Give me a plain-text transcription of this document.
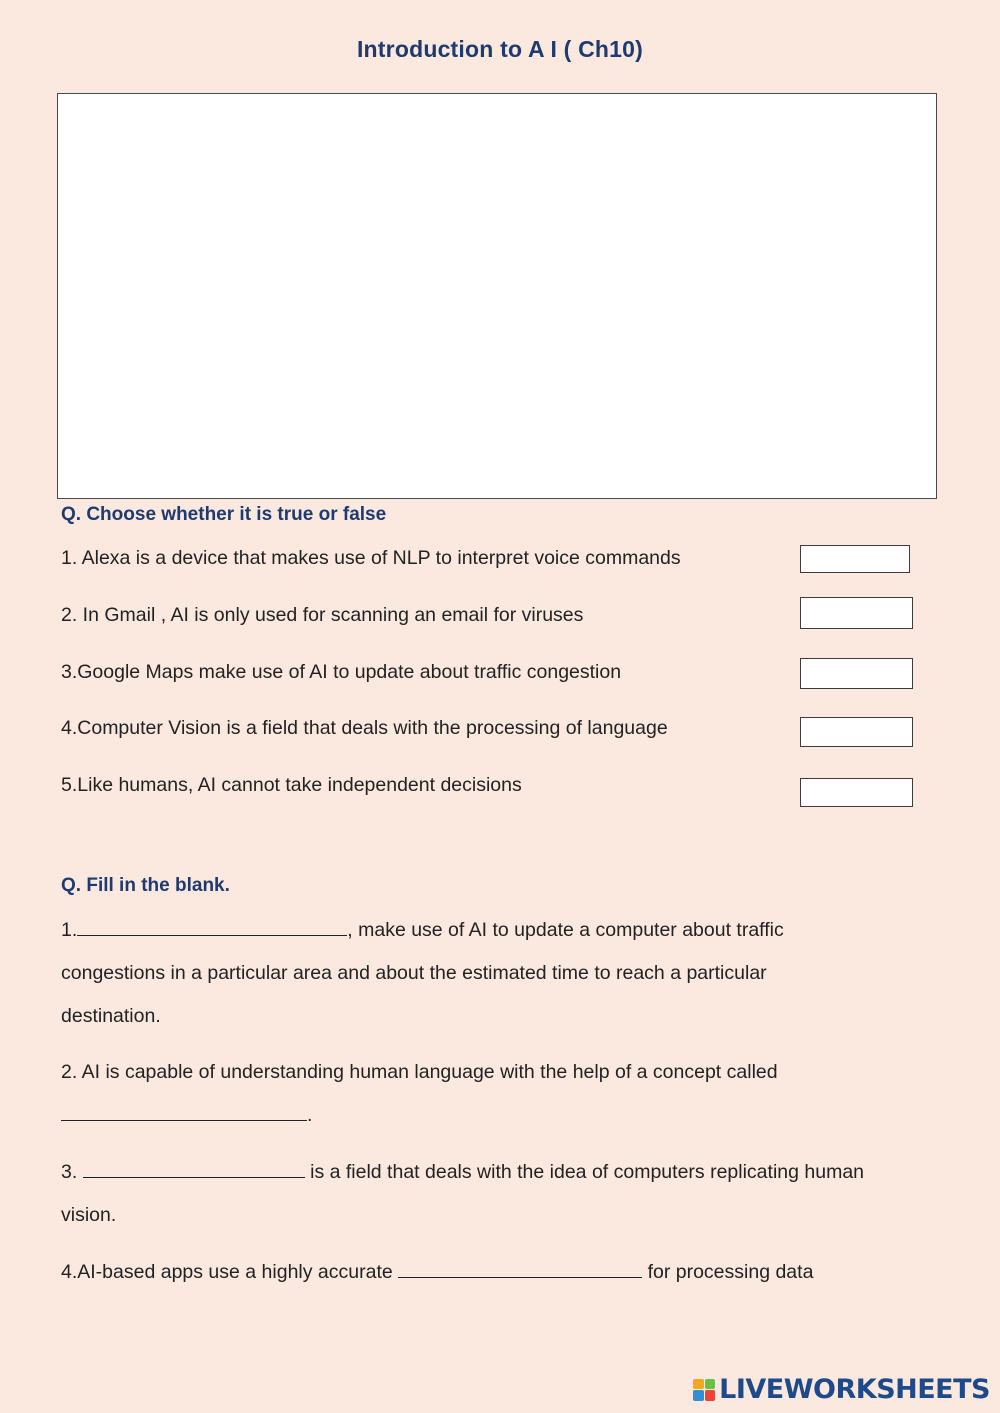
Introduction to A I ( Ch10)
Q. Choose whether it is true or false
1. Alexa is a device that makes use of NLP to interpret voice commands
2. In Gmail , AI is only used for scanning an email for viruses
3.Google Maps make use of AI to update about traffic congestion
4.Computer Vision is a field that deals with the processing of language
5.Like humans, AI cannot take independent decisions
Q. Fill in the blank.
1.	, make use of AI to update a computer about traffic
congestions in a particular area and about the estimated time to reach a particular
destination.
2. AI is capable of understanding human language with the help of a concept called
.
3.	is a field that deals with the idea of computers replicating human
vision.
4.AI-based apps use a highly accurate	for processing data
LIVEWORKSHEETS
